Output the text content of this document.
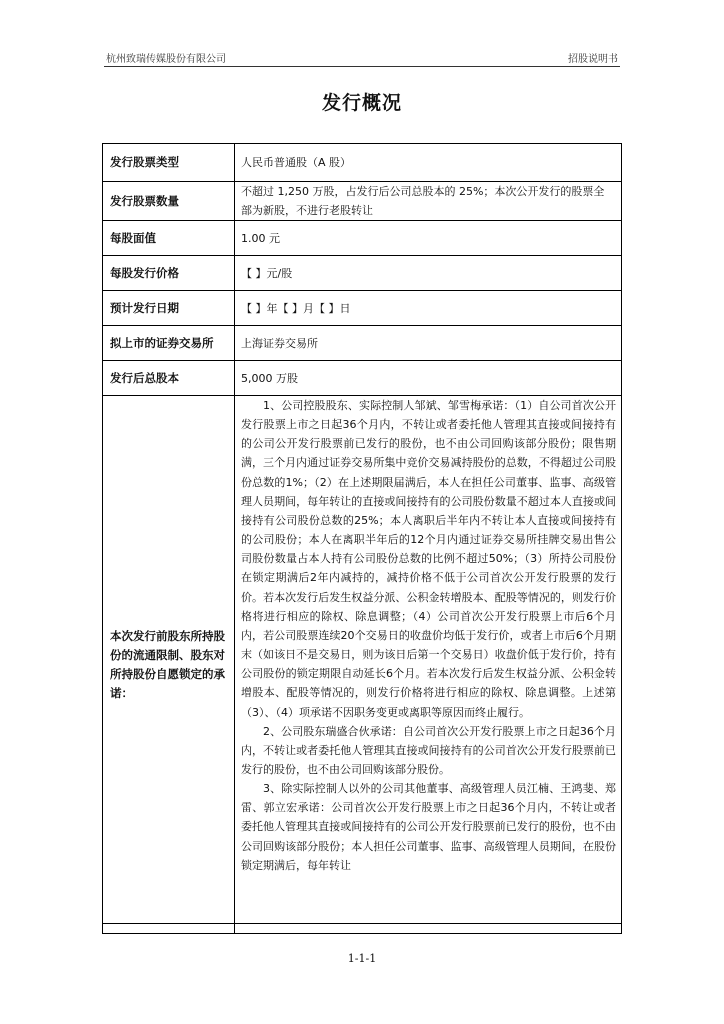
杭州致瑞传媒股份有限公司	招股说明书
发行概况
发行股票类型	人民币普通股（A 股）
发行股票数量	不超过 1,250 万股，占发行后公司总股本的 25%；本次公开发行的股票全部为新股，不进行老股转让
每股面值	1.00 元
每股发行价格	【 】元/股
预计发行日期	【 】年【 】月【 】日
拟上市的证券交易所	上海证券交易所
发行后总股本	5,000 万股
本次发行前股东所持股份的流通限制、股东对所持股份自愿锁定的承诺：	1、公司控股股东、实际控制人邹斌、邹雪梅承诺：（1）自公司首次公开发行股票上市之日起36个月内，不转让或者委托他人管理其直接或间接持有的公司公开发行股票前已发行的股份，也不由公司回购该部分股份；限售期满，三个月内通过证券交易所集中竞价交易减持股份的总数，不得超过公司股份总数的1%；（2）在上述期限届满后，本人在担任公司董事、监事、高级管理人员期间，每年转让的直接或间接持有的公司股份数量不超过本人直接或间接持有公司股份总数的25%；本人离职后半年内不转让本人直接或间接持有的公司股份；本人在离职半年后的12个月内通过证券交易所挂牌交易出售公司股份数量占本人持有公司股份总数的比例不超过50%；（3）所持公司股份在锁定期满后2年内减持的，减持价格不低于公司首次公开发行股票的发行价。若本次发行后发生权益分派、公积金转增股本、配股等情况的，则发行价格将进行相应的除权、除息调整；（4）公司首次公开发行股票上市后6个月内，若公司股票连续20个交易日的收盘价均低于发行价，或者上市后6个月期末（如该日不是交易日，则为该日后第一个交易日）收盘价低于发行价，持有公司股份的锁定期限自动延长6个月。若本次发行后发生权益分派、公积金转增股本、配股等情况的，则发行价格将进行相应的除权、除息调整。上述第（3）、（4）项承诺不因职务变更或离职等原因而终止履行。

2、公司股东瑞盛合伙承诺：自公司首次公开发行股票上市之日起36个月内，不转让或者委托他人管理其直接或间接持有的公司首次公开发行股票前已发行的股份，也不由公司回购该部分股份。

3、除实际控制人以外的公司其他董事、高级管理人员江楠、王鸿斐、郑雷、郭立宏承诺：公司首次公开发行股票上市之日起36个月内，不转让或者委托他人管理其直接或间接持有的公司公开发行股票前已发行的股份，也不由公司回购该部分股份；本人担任公司董事、监事、高级管理人员期间，在股份锁定期满后，每年转让

1-1-1
